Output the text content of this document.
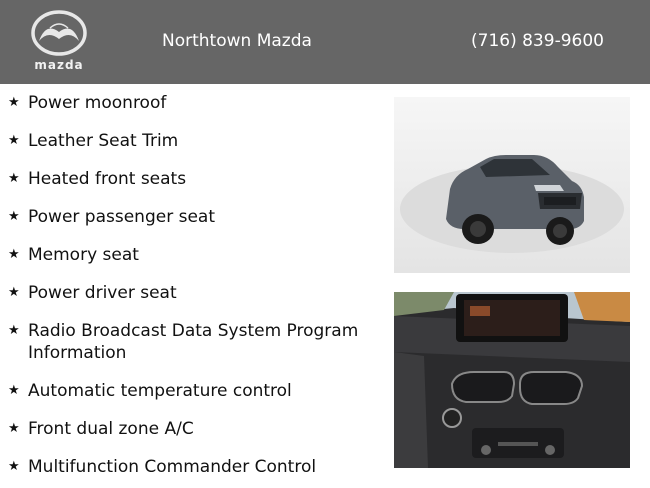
mazda
Northtown Mazda	(716) 839-9600
★ Power moonroof
★ Leather Seat Trim
★ Heated front seats
★ Power passenger seat
★ Memory seat
★ Power driver seat
★ Radio Broadcast Data System Program Information
★ Automatic temperature control
★ Front dual zone A/C
★ Multifunction Commander Control
